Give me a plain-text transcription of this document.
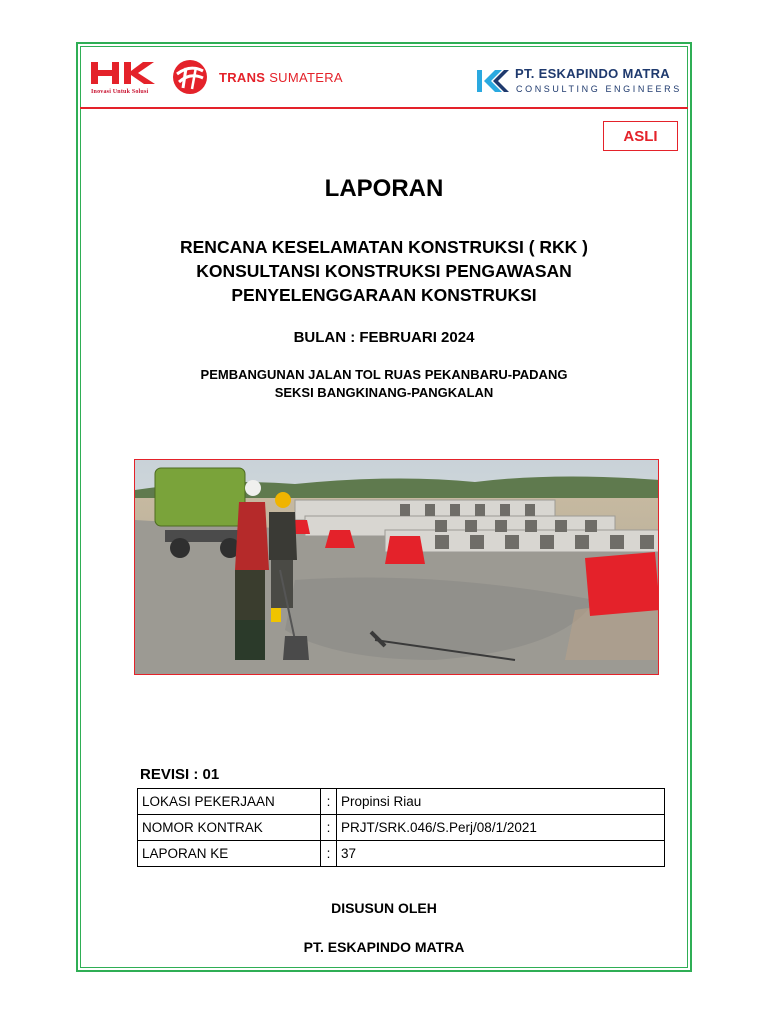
Inovasi Untuk Solusi
TRANS SUMATERA	PT. ESKAPINDO MATRA
CONSULTING ENGINEERS
ASLI
LAPORAN
RENCANA KESELAMATAN KONSTRUKSI ( RKK )
KONSULTANSI KONSTRUKSI PENGAWASAN
PENYELENGGARAAN KONSTRUKSI
BULAN : FEBRUARI 2024
PEMBANGUNAN JALAN TOL RUAS PEKANBARU-PADANG
SEKSI BANGKINANG-PANGKALAN
REVISI : 01
LOKASI PEKERJAAN	:	Propinsi Riau
NOMOR KONTRAK	:	PRJT/SRK.046/S.Perj/08/1/2021
LAPORAN KE	:	37
DISUSUN OLEH
PT. ESKAPINDO MATRA
